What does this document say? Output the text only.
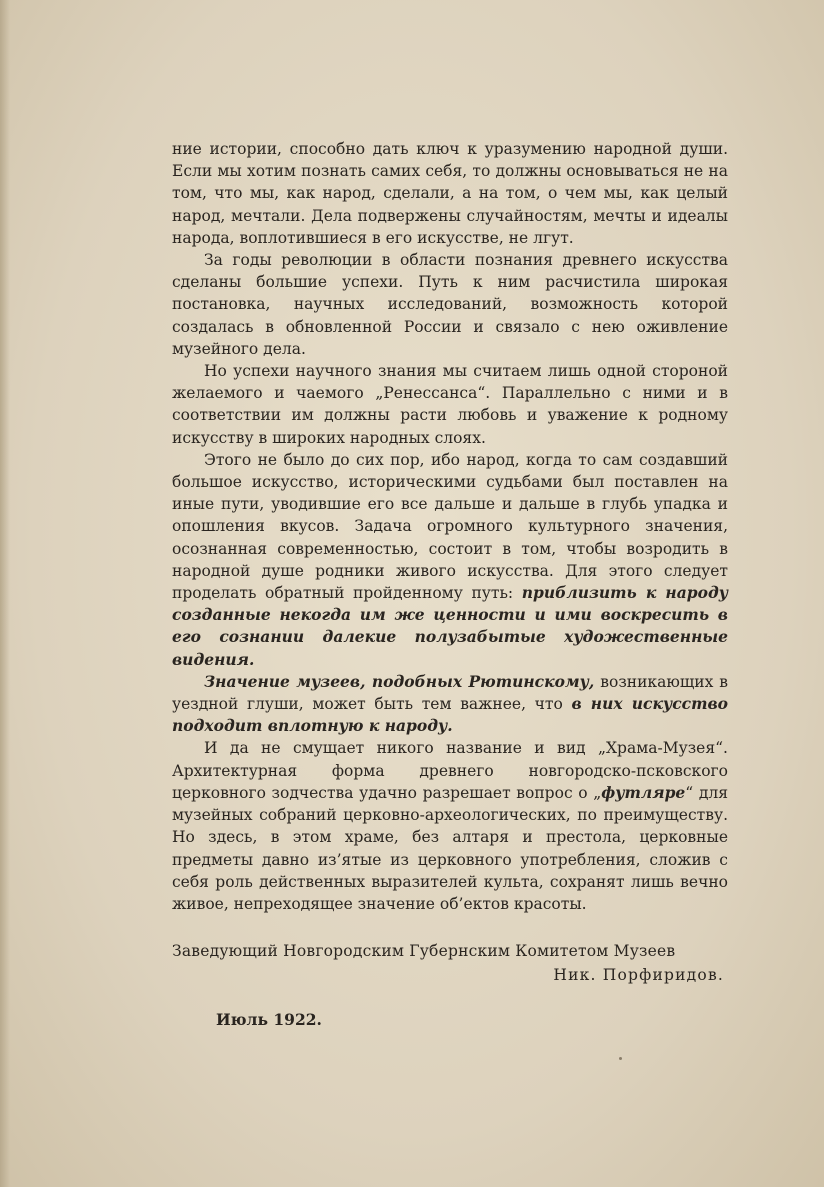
ние истории, способно дать ключ к уразумению народной души. Если мы хотим познать самих себя, то должны основываться не на том, что мы, как народ, сделали, а на том, о чем мы, как целый народ, мечтали. Дела подвержены случайностям, мечты и идеалы народа, воплотившиеся в его искусстве, не лгут.

За годы революции в области познания древнего искусства сделаны большие успехи. Путь к ним расчистила широкая постановка, научных исследований, возможность которой создалась в обновленной России и связало с нею оживление музейного дела.

Но успехи научного знания мы считаем лишь одной стороной желаемого и чаемого „Ренессанса“. Параллельно с ними и в соответствии им должны расти любовь и уважение к родному искусству в широких народных слоях.

Этого не было до сих пор, ибо народ, когда то сам создавший большое искусство, историческими судьбами был поставлен на иные пути, уводившие его все дальше и дальше в глубь упадка и опошления вкусов. Задача огромного культурного значения, осознанная современностью, состоит в том, чтобы возродить в народной душе родники живого искусства. Для этого следует проделать обратный пройденному путь: приблизить к народу созданные некогда им же ценности и ими воскресить в его сознании далекие полузабытые художественные видения.

Значение музеев, подобных Рютинскому, возникающих в уездной глуши, может быть тем важнее, что в них искусство подходит вплотную к народу.

И да не смущает никого название и вид „Храма-Музея“. Архитектурная форма древнего новгородско-псковского церковного зодчества удачно разрешает вопрос о „футляре“ для музейных собраний церковно-археологических, по преимуществу. Но здесь, в этом храме, без алтаря и престола, церковные предметы давно из’ятые из церковного употребления, сложив с себя роль действенных выразителей культа, сохранят лишь вечно живое, непреходящее значение об’ектов красоты.

Заведующий Новгородским Губернским Комитетом Музеев

Ник. Порфиридов.

Июль 1922.
